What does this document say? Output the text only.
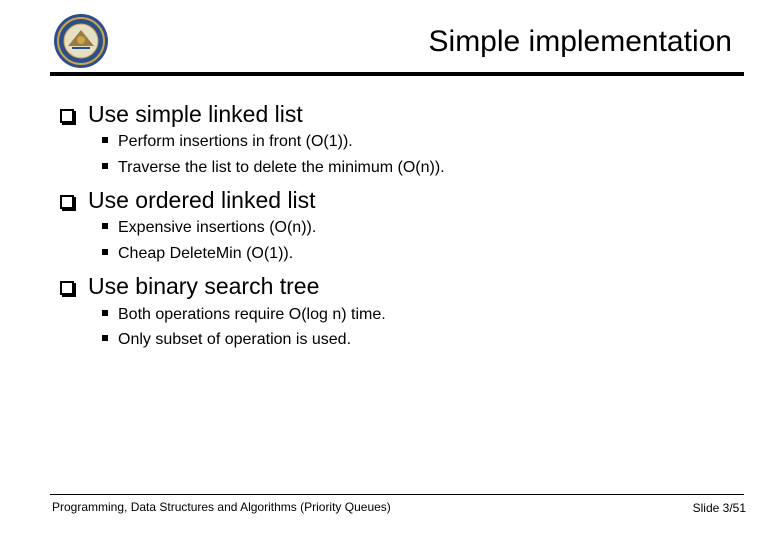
Simple implementation
Use simple linked list
Perform insertions in front (O(1)).
Traverse the list to delete the minimum (O(n)).
Use ordered linked list
Expensive insertions (O(n)).
Cheap DeleteMin (O(1)).
Use binary search tree
Both operations require O(log n) time.
Only subset of operation is used.
Programming, Data Structures and Algorithms (Priority Queues)	Slide 3/51
